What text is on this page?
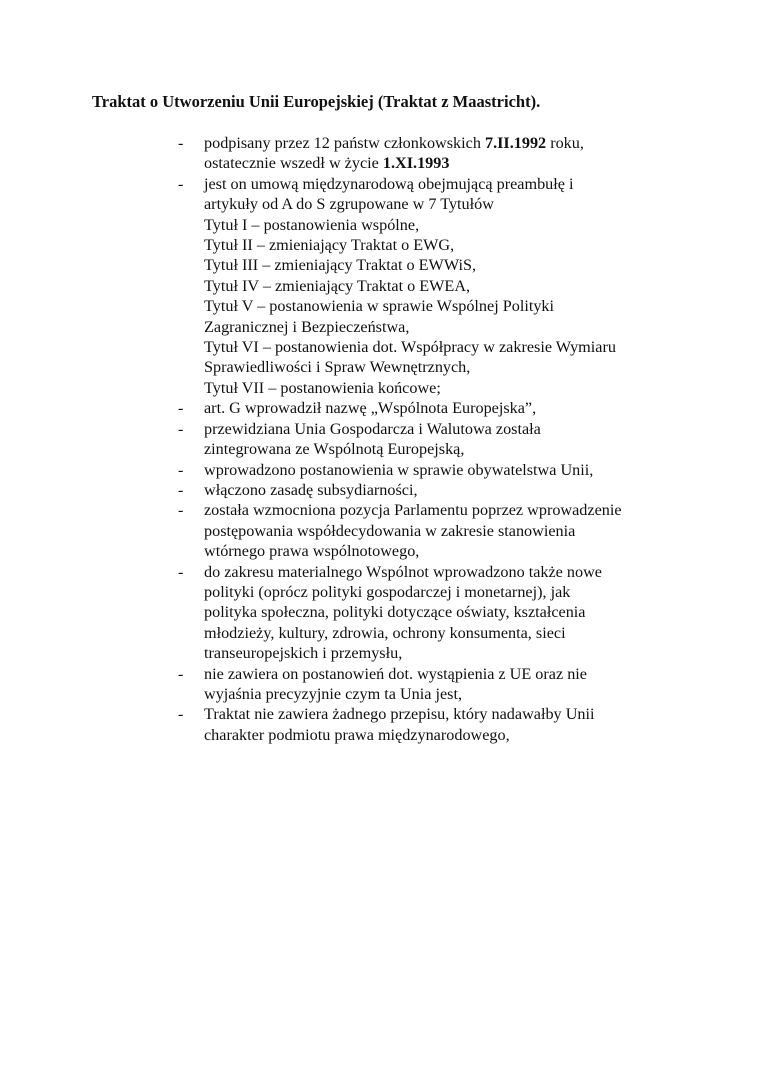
Traktat o Utworzeniu Unii Europejskiej (Traktat z Maastricht).
- podpisany przez 12 państw członkowskich 7.II.1992 roku,
ostatecznie wszedł w życie 1.XI.1993
- jest on umową międzynarodową obejmującą preambułę i
artykuły od A do S zgrupowane w 7 Tytułów
Tytuł I – postanowienia wspólne,
Tytuł II – zmieniający Traktat o EWG,
Tytuł III – zmieniający Traktat o EWWiS,
Tytuł IV – zmieniający Traktat o EWEA,
Tytuł V – postanowienia w sprawie Wspólnej Polityki
Zagranicznej i Bezpieczeństwa,
Tytuł VI – postanowienia dot. Współpracy w zakresie Wymiaru
Sprawiedliwości i Spraw Wewnętrznych,
Tytuł VII – postanowienia końcowe;
- art. G wprowadził nazwę „Wspólnota Europejska”,
- przewidziana Unia Gospodarcza i Walutowa została
zintegrowana ze Wspólnotą Europejską,
- wprowadzono postanowienia w sprawie obywatelstwa Unii,
- włączono zasadę subsydiarności,
- została wzmocniona pozycja Parlamentu poprzez wprowadzenie
postępowania współdecydowania w zakresie stanowienia
wtórnego prawa wspólnotowego,
- do zakresu materialnego Wspólnot wprowadzono także nowe
polityki (oprócz polityki gospodarczej i monetarnej), jak
polityka społeczna, polityki dotyczące oświaty, kształcenia
młodzieży, kultury, zdrowia, ochrony konsumenta, sieci
transeuropejskich i przemysłu,
- nie zawiera on postanowień dot. wystąpienia z UE oraz nie
wyjaśnia precyzyjnie czym ta Unia jest,
- Traktat nie zawiera żadnego przepisu, który nadawałby Unii
charakter podmiotu prawa międzynarodowego,
